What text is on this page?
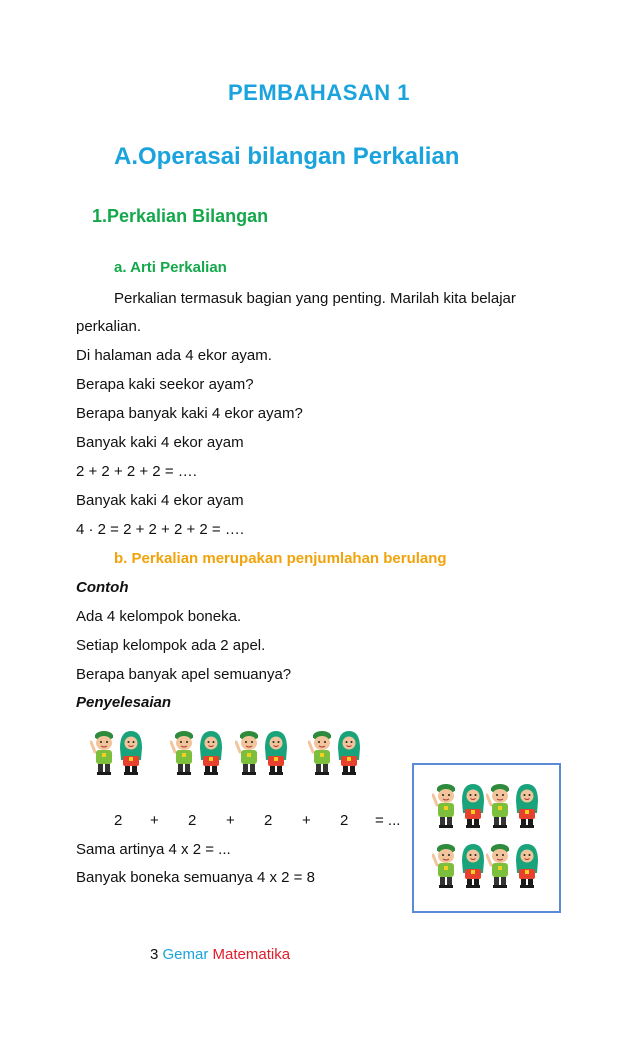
PEMBAHASAN 1
A.Operasai bilangan Perkalian
1.Perkalian Bilangan
a. Arti Perkalian
Perkalian termasuk bagian yang penting. Marilah kita belajar
perkalian.
Di halaman ada 4 ekor ayam.
Berapa kaki seekor ayam?
Berapa banyak kaki 4 ekor ayam?
Banyak kaki 4 ekor ayam
2 + 2 + 2 + 2 = ….
Banyak kaki 4 ekor ayam
4 · 2 = 2 + 2 + 2 + 2 = ….
b. Perkalian merupakan penjumlahan berulang
Contoh
Ada 4 kelompok boneka.
Setiap kelompok ada 2 apel.
Berapa banyak apel semuanya?
Penyelesaian
2 + 2 + 2 + 2 = ...
Sama artinya 4 x 2 = ...
Banyak boneka semuanya 4 x 2 = 8
3 Gemar Matematika
